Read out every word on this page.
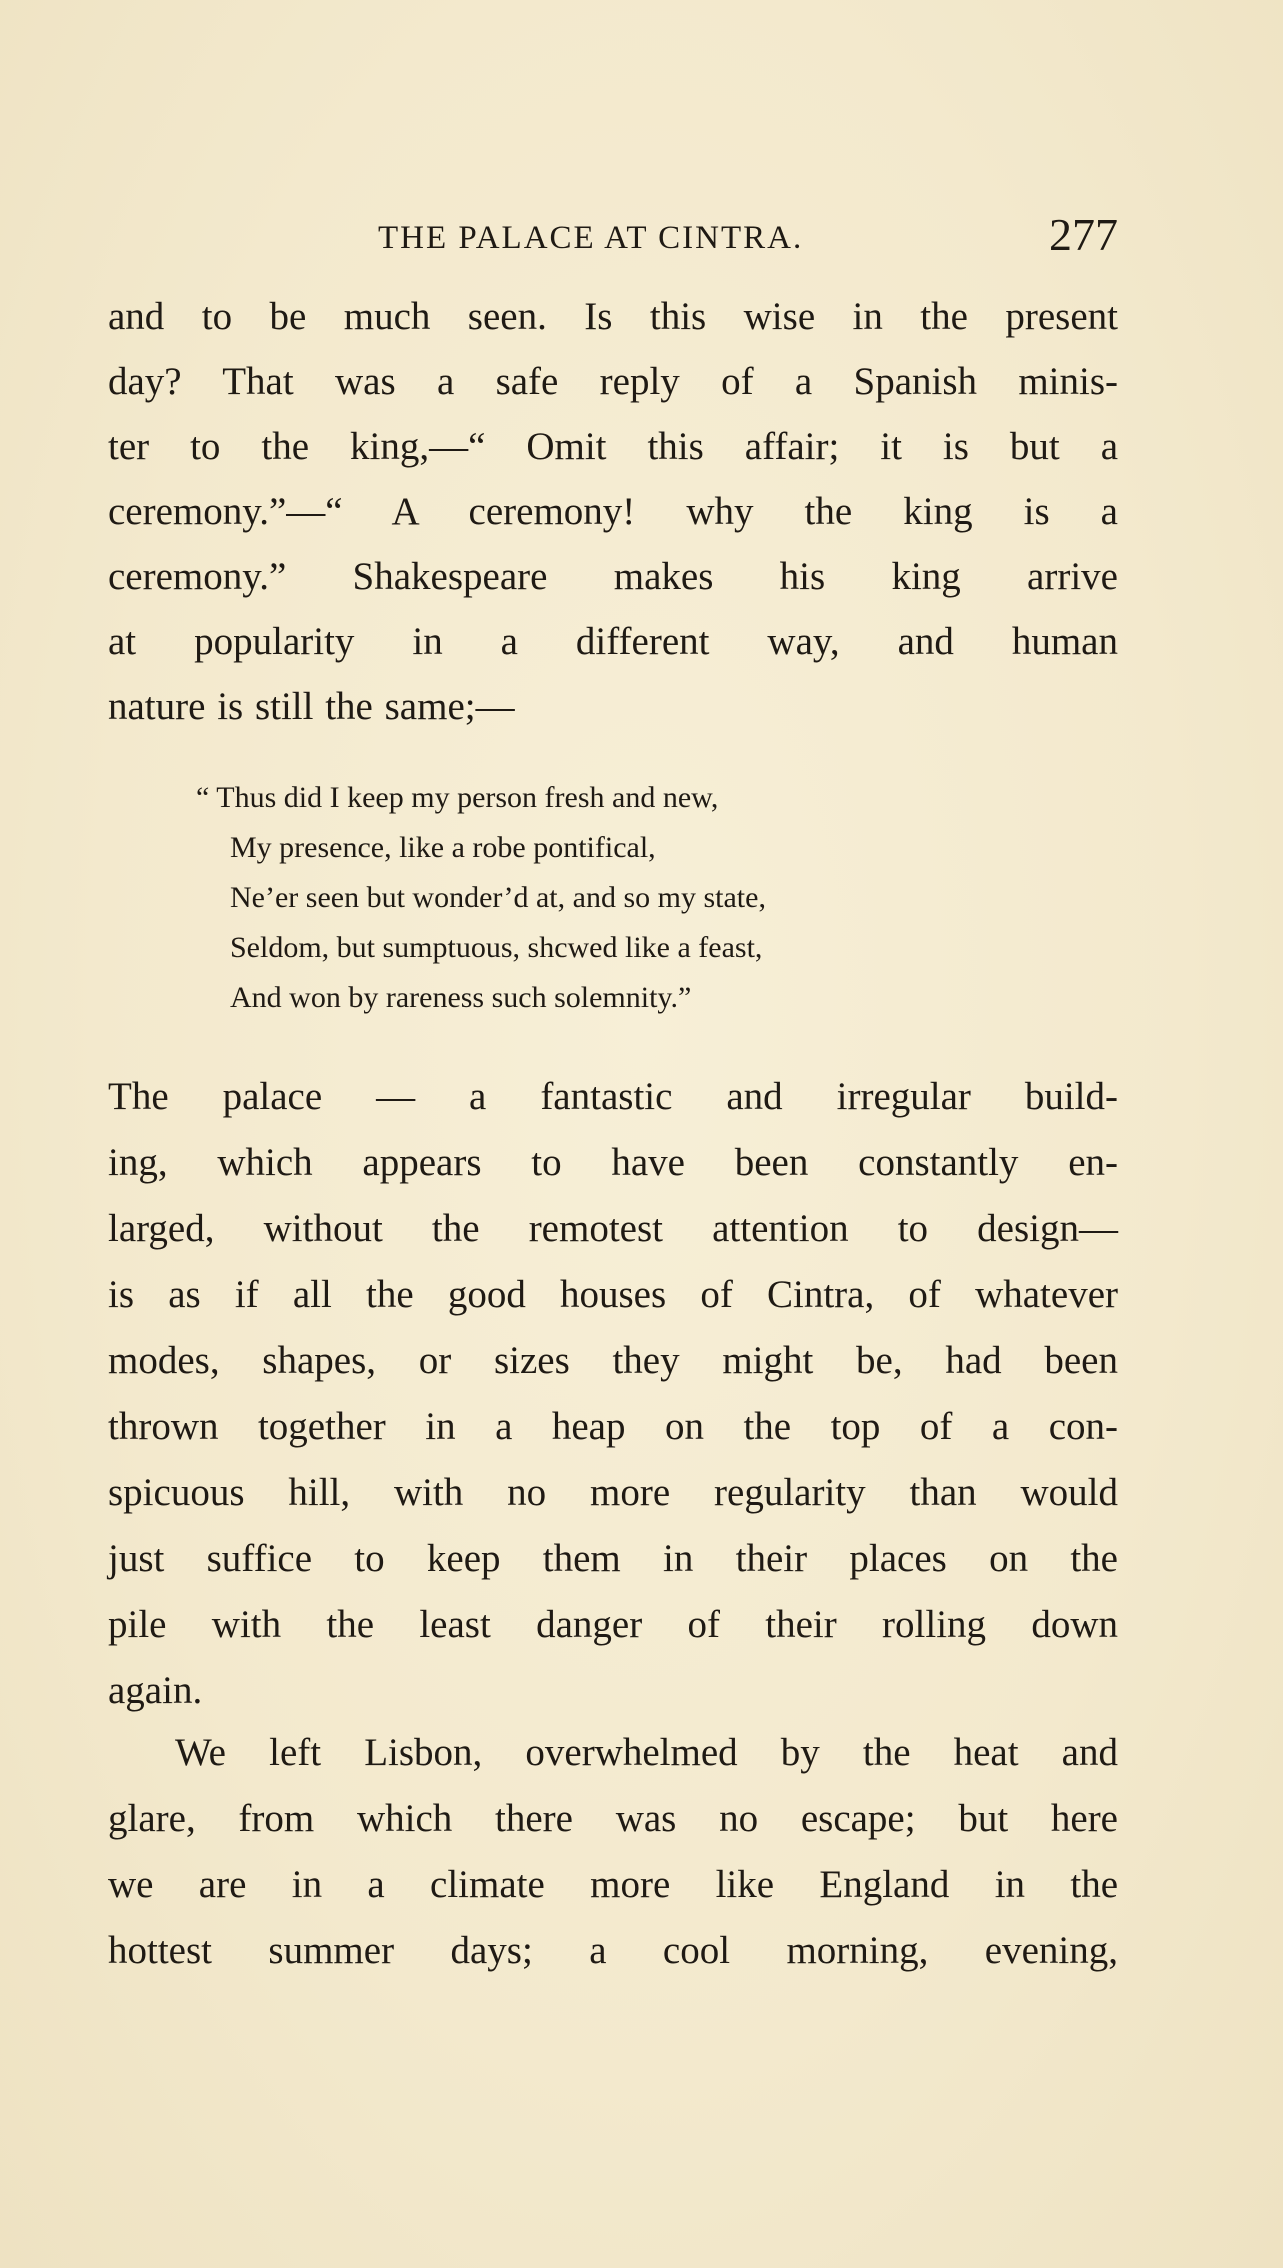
THE PALACE AT CINTRA.	277
and to be much seen. Is this wise in the present
day? That was a safe reply of a Spanish minis-
ter to the king,—“ Omit this affair; it is but a
ceremony.”—“ A ceremony! why the king is a
ceremony.” Shakespeare makes his king arrive
at popularity in a different way, and human
nature is still the same;—
“ Thus did I keep my person fresh and new,
My presence, like a robe pontifical,
Ne’er seen but wonder’d at, and so my state,
Seldom, but sumptuous, shcwed like a feast,
And won by rareness such solemnity.”
The palace — a fantastic and irregular build-
ing, which appears to have been constantly en-
larged, without the remotest attention to design—
is as if all the good houses of Cintra, of whatever
modes, shapes, or sizes they might be, had been
thrown together in a heap on the top of a con-
spicuous hill, with no more regularity than would
just suffice to keep them in their places on the
pile with the least danger of their rolling down
again.
We left Lisbon, overwhelmed by the heat and
glare, from which there was no escape; but here
we are in a climate more like England in the
hottest summer days; a cool morning, evening,
